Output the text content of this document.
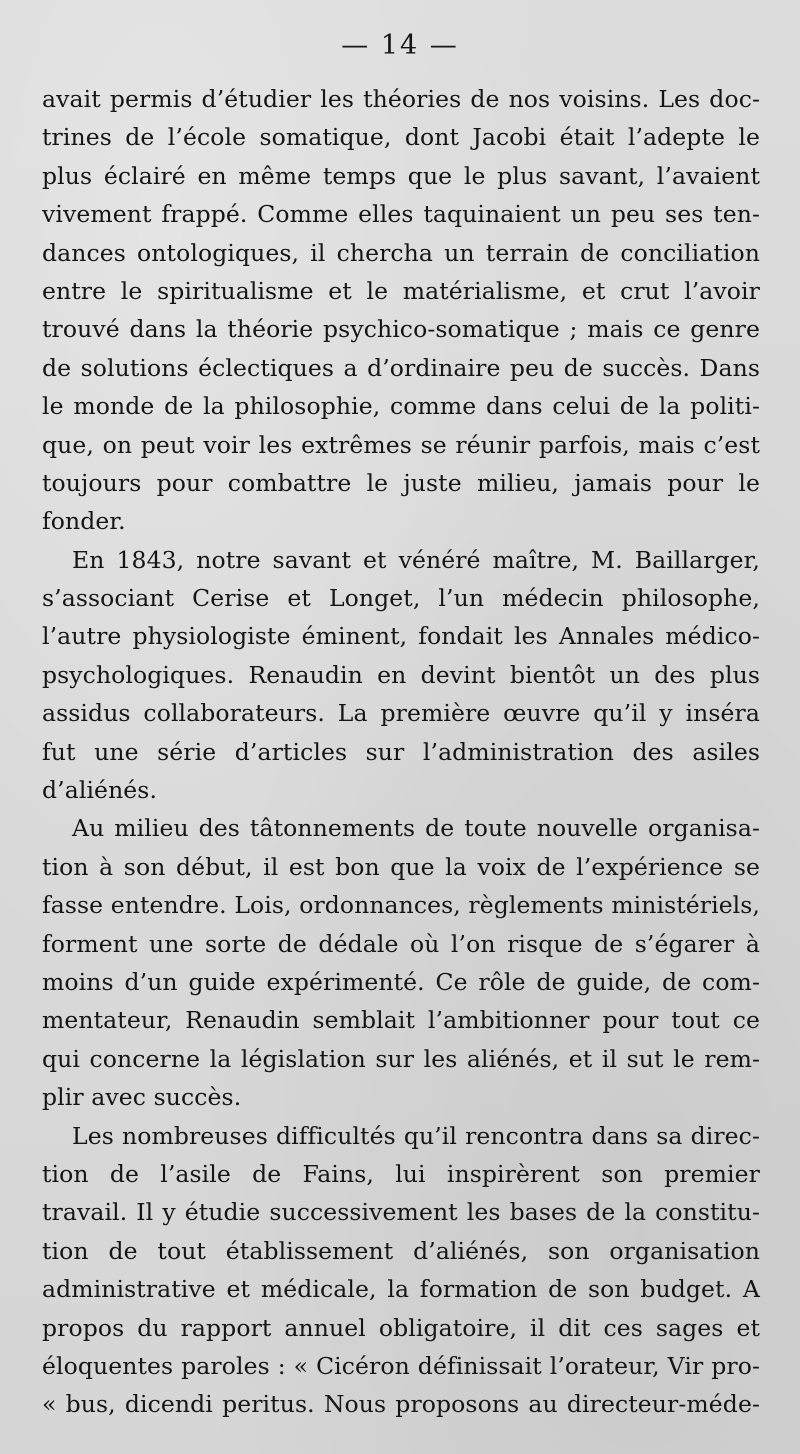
— 14 —
avait permis d’étudier les théories de nos voisins. Les doc-
trines de l’école somatique, dont Jacobi était l’adepte le
plus éclairé en même temps que le plus savant, l’avaient
vivement frappé. Comme elles taquinaient un peu ses ten-
dances ontologiques, il chercha un terrain de conciliation
entre le spiritualisme et le matérialisme, et crut l’avoir
trouvé dans la théorie psychico-somatique ; mais ce genre
de solutions éclectiques a d’ordinaire peu de succès. Dans
le monde de la philosophie, comme dans celui de la politi-
que, on peut voir les extrêmes se réunir parfois, mais c’est
toujours pour combattre le juste milieu, jamais pour le
fonder.
En 1843, notre savant et vénéré maître, M. Baillarger,
s’associant Cerise et Longet, l’un médecin philosophe,
l’autre physiologiste éminent, fondait les Annales médico-
psychologiques. Renaudin en devint bientôt un des plus
assidus collaborateurs. La première œuvre qu’il y inséra
fut une série d’articles sur l’administration des asiles
d’aliénés.
Au milieu des tâtonnements de toute nouvelle organisa-
tion à son début, il est bon que la voix de l’expérience se
fasse entendre. Lois, ordonnances, règlements ministériels,
forment une sorte de dédale où l’on risque de s’égarer à
moins d’un guide expérimenté. Ce rôle de guide, de com-
mentateur, Renaudin semblait l’ambitionner pour tout ce
qui concerne la législation sur les aliénés, et il sut le rem-
plir avec succès.
Les nombreuses difficultés qu’il rencontra dans sa direc-
tion de l’asile de Fains, lui inspirèrent son premier
travail. Il y étudie successivement les bases de la constitu-
tion de tout établissement d’aliénés, son organisation
administrative et médicale, la formation de son budget. A
propos du rapport annuel obligatoire, il dit ces sages et
éloquentes paroles : « Cicéron définissait l’orateur, Vir pro-
« bus, dicendi peritus. Nous proposons au directeur-méde-
